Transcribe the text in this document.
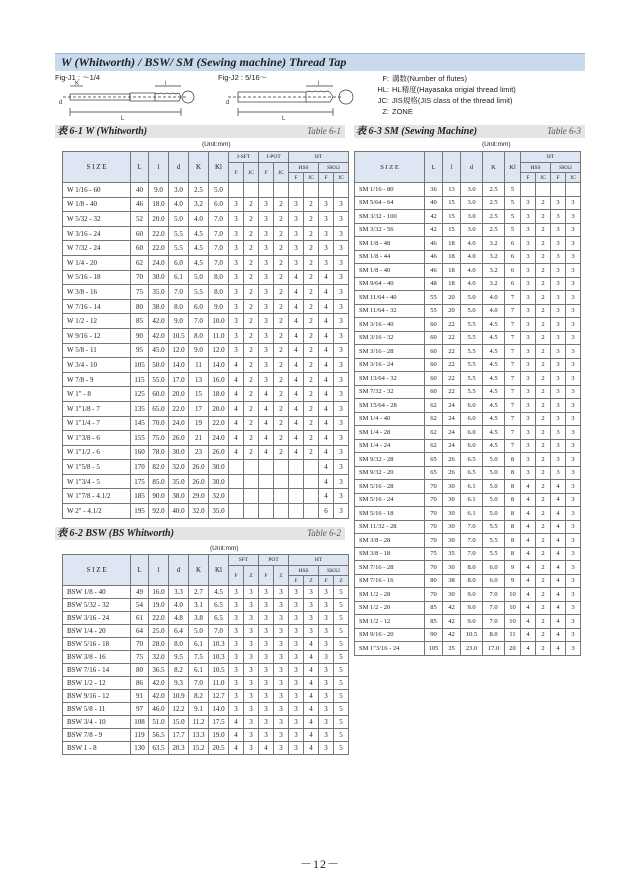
W (Whitworth) / BSW/ SM (Sewing machine) Thread Tap
Fig-J1 : ～1/4
L
l
K
d
Fig-J2 : 5/16～
L
l
d
F: 溝数(Number of flutes)
HL: HL精度(Hayasaka origial thread limit)
JC: JIS規格(JIS class of the thread limit)
Z: ZONE
表 6-1 W (Whitworth)	Table 6-1
(Unit:mm)
S I Z E	L	l	d	K	Kl	J-SFT		J-POT		HT			
						F	JC	F	JC	HSS		SKS2	
										F	JC	F	JC
W 1/16 - 60	40	9.0	3.0	2.5	5.0								
W 1/8 - 40	46	18.0	4.0	3.2	6.0	3	2	3	2	3	2	3	3
W 5/32 - 32	52	20.0	5.0	4.0	7.0	3	2	3	2	3	2	3	3
W 3/16 - 24	60	22.0	5.5	4.5	7.0	3	2	3	2	3	2	3	3
W 7/32 - 24	60	22.0	5.5	4.5	7.0	3	2	3	2	3	2	3	3
W 1/4 - 20	62	24.0	6.0	4.5	7.0	3	2	3	2	3	2	3	3
W 5/16 - 18	70	30.0	6.1	5.0	8.0	3	2	3	2	4	2	4	3
W 3/8 - 16	75	35.0	7.0	5.5	8.0	3	2	3	2	4	2	4	3
W 7/16 - 14	80	38.0	8.0	6.0	9.0	3	2	3	2	4	2	4	3
W 1/2 - 12	85	42.0	9.0	7.0	10.0	3	2	3	2	4	2	4	3
W 9/16 - 12	90	42.0	10.5	8.0	11.0	3	2	3	2	4	2	4	3
W 5/8 - 11	95	45.0	12.0	9.0	12.0	3	2	3	2	4	2	4	3
W 3/4 - 10	105	50.0	14.0	11	14.0	4	2	3	2	4	2	4	3
W 7/8 - 9	115	55.0	17.0	13	16.0	4	2	3	2	4	2	4	3
W 1" - 8	125	60.0	20.0	15	18.0	4	2	4	2	4	2	4	3
W 1"1/8 - 7	135	65.0	22.0	17	20.0	4	2	4	2	4	2	4	3
W 1"1/4 - 7	145	70.0	24.0	19	22.0	4	2	4	2	4	2	4	3
W 1"3/8 - 6	155	75.0	26.0	21	24.0	4	2	4	2	4	2	4	3
W 1"1/2 - 6	160	78.0	30.0	23	26.0	4	2	4	2	4	2	4	3
W 1"5/8 - 5	170	82.0	32.0	26.0	30.0							4	3
W 1"3/4 - 5	175	85.0	35.0	26.0	30.0							4	3
W 1"7/8 - 4.1/2	185	90.0	38.0	29.0	32.0							4	3
W 2" - 4.1/2	195	92.0	40.0	32.0	35.0							6	3
表 6-2 BSW (BS Whitworth)	Table 6-2
(Unit:mm)
S I Z E	L	l	d	K	Kl	SFT		POT		HT			
						F	Z	F	Z	HSS		SKS2	
										F	Z	F	Z
BSW 1/8 - 40	49	16.0	3.3	2.7	4.5	3	3	3	3	3	3	3	5
BSW 5/32 - 32	54	19.0	4.0	3.1	6.5	3	3	3	3	3	3	3	5
BSW 3/16 - 24	61	22.0	4.8	3.8	6.5	3	3	3	3	3	3	3	5
BSW 1/4 - 20	64	25.0	6.4	5.0	7.0	3	3	3	3	3	3	3	5
BSW 5/16 - 18	70	28.0	8.0	6.1	10.3	3	3	3	3	3	4	3	5
BSW 3/8 - 16	75	32.0	9.5	7.5	10.3	3	3	3	3	3	4	3	5
BSW 7/16 - 14	80	36.5	8.2	6.1	10.5	3	3	3	3	3	4	3	5
BSW 1/2 - 12	86	42.0	9.3	7.0	11.0	3	3	3	3	3	4	3	5
BSW 9/16 - 12	91	42.0	10.9	8.2	12.7	3	3	3	3	3	4	3	5
BSW 5/8 - 11	97	46.0	12.2	9.1	14.0	3	3	3	3	3	4	3	5
BSW 3/4 - 10	108	51.0	15.0	11.2	17.5	4	3	3	3	3	4	3	5
BSW 7/8 - 9	119	56.5	17.7	13.3	19.0	4	3	3	3	3	4	3	5
BSW 1 - 8	130	63.5	20.3	15.2	20.5	4	3	4	3	3	4	3	5
表 6-3 SM (Sewing Machine)	Table 6-3
(Unit:mm)
S I Z E	L	l	d	K	Kl	HT			
						HSS		SKS2	
						F	JC	F	JC
SM 1/16 - 80	36	13	3.0	2.5	5				
SM 5/64 - 64	40	15	3.0	2.5	5	3	2	3	3
SM 3/32 - 100	42	15	3.0	2.5	5	3	2	3	3
SM 3/32 - 56	42	15	3.0	2.5	5	3	2	3	3
SM 1/8 - 48	46	18	4.0	3.2	6	3	2	3	3
SM 1/8 - 44	46	18	4.0	3.2	6	3	2	3	3
SM 1/8 - 40	46	18	4.0	3.2	6	3	2	3	3
SM 9/64 - 40	48	18	4.0	3.2	6	3	2	3	3
SM 11/64 - 40	55	20	5.0	4.0	7	3	2	3	3
SM 11/64 - 32	55	20	5.0	4.0	7	3	2	3	3
SM 3/16 - 40	60	22	5.5	4.5	7	3	2	3	3
SM 3/16 - 32	60	22	5.5	4.5	7	3	2	3	3
SM 3/16 - 28	60	22	5.5	4.5	7	3	2	3	3
SM 3/16 - 24	60	22	5.5	4.5	7	3	2	3	3
SM 13/64 - 32	60	22	5.5	4.5	7	3	2	3	3
SM 7/32 - 32	60	22	5.5	4.5	7	3	2	3	3
SM 15/64 - 28	62	24	6.0	4.5	7	3	2	3	3
SM 1/4 - 40	62	24	6.0	4.5	7	3	2	3	3
SM 1/4 - 28	62	24	6.0	4.5	7	3	2	3	3
SM 1/4 - 24	62	24	6.0	4.5	7	3	2	3	3
SM 9/32 - 28	65	26	6.5	5.0	8	3	2	3	3
SM 9/32 - 20	65	26	6.5	5.0	8	3	2	3	3
SM 5/16 - 28	70	30	6.1	5.0	8	4	2	4	3
SM 5/16 - 24	70	30	6.1	5.0	8	4	2	4	3
SM 5/16 - 18	70	30	6.1	5.0	8	4	2	4	3
SM 11/32 - 28	70	30	7.0	5.5	8	4	2	4	3
SM 3/8 - 28	70	30	7.0	5.5	8	4	2	4	3
SM 3/8 - 18	75	35	7.0	5.5	8	4	2	4	3
SM 7/16 - 28	70	30	8.0	6.0	9	4	2	4	3
SM 7/16 - 16	80	38	8.0	6.0	9	4	2	4	3
SM 1/2 - 28	70	30	9.0	7.0	10	4	2	4	3
SM 1/2 - 20	85	42	9.0	7.0	10	4	2	4	3
SM 1/2 - 12	85	42	9.0	7.0	10	4	2	4	3
SM 9/16 - 20	90	42	10.5	8.0	11	4	2	4	3
SM 1"3/16 - 24	105	35	23.0	17.0	20	4	2	4	3
－12－
